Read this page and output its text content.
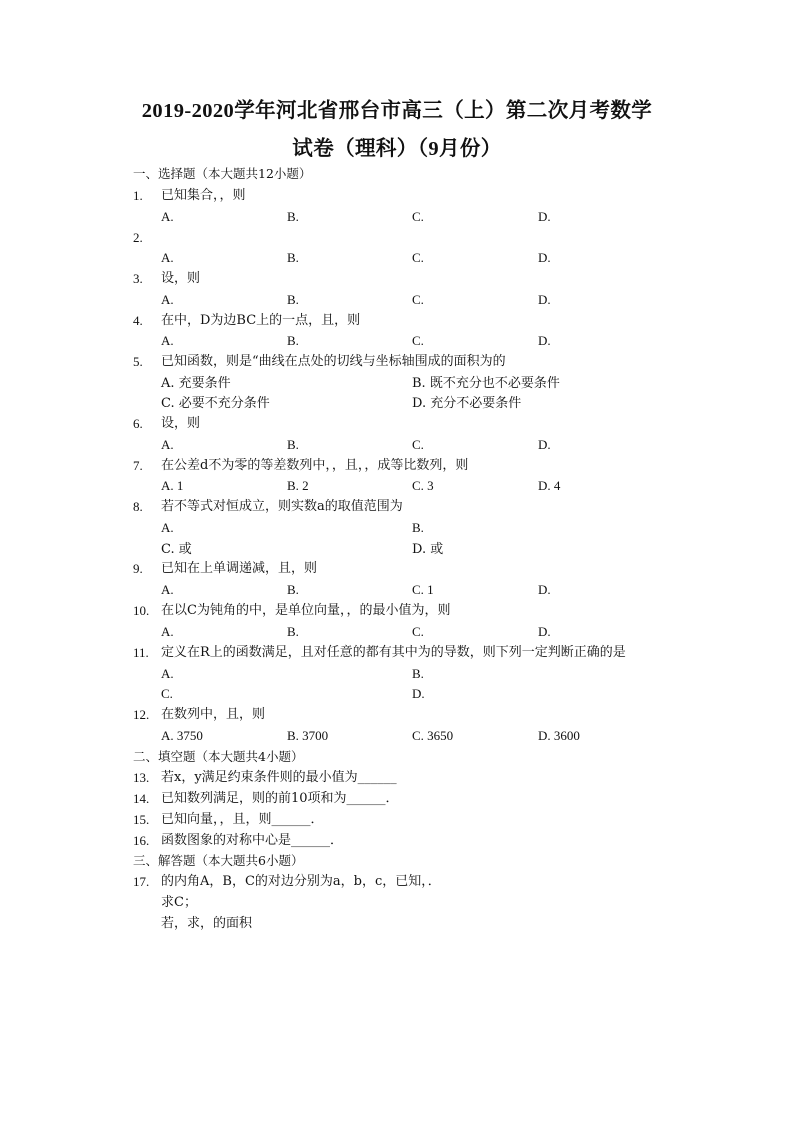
2019-2020学年河北省邢台市高三（上）第二次月考数学
试卷（理科）（9月份）
一、选择题（本大题共12小题）
1.	已知集合，，则
A.	B.	C.	D.
2.
A.	B.	C.	D.
3.	设，则
A.	B.	C.	D.
4.	在中，D为边BC上的一点，且，则
A.	B.	C.	D.
5.	已知函数，则是“曲线在点处的切线与坐标轴围成的面积为的
A. 充要条件	B. 既不充分也不必要条件
C. 必要不充分条件	D. 充分不必要条件
6.	设，则
A.	B.	C.	D.
7.	在公差d不为零的等差数列中，，且，，成等比数列，则
A. 1	B. 2	C. 3	D. 4
8.	若不等式对恒成立，则实数a的取值范围为
A.	B.
C. 或	D. 或
9.	已知在上单调递减，且，则
A.	B.	C. 1	D.
10. 在以C为钝角的中，是单位向量，，的最小值为，则
A.	B.	C.	D.
11. 定义在R上的函数满足，且对任意的都有其中为的导数，则下列一定判断正确的是
A.	B.
C.	D.
12. 在数列中，且，则
A. 3750	B. 3700	C. 3650	D. 3600
二、填空题（本大题共4小题）
13. 若x，y满足约束条件则的最小值为______
14. 已知数列满足，则的前10项和为______．
15. 已知向量，，且，则______．
16. 函数图象的对称中心是______．
三、解答题（本大题共6小题）
17. 的内角A，B，C的对边分别为a，b，c，已知，．
求C；
若，求，的面积
